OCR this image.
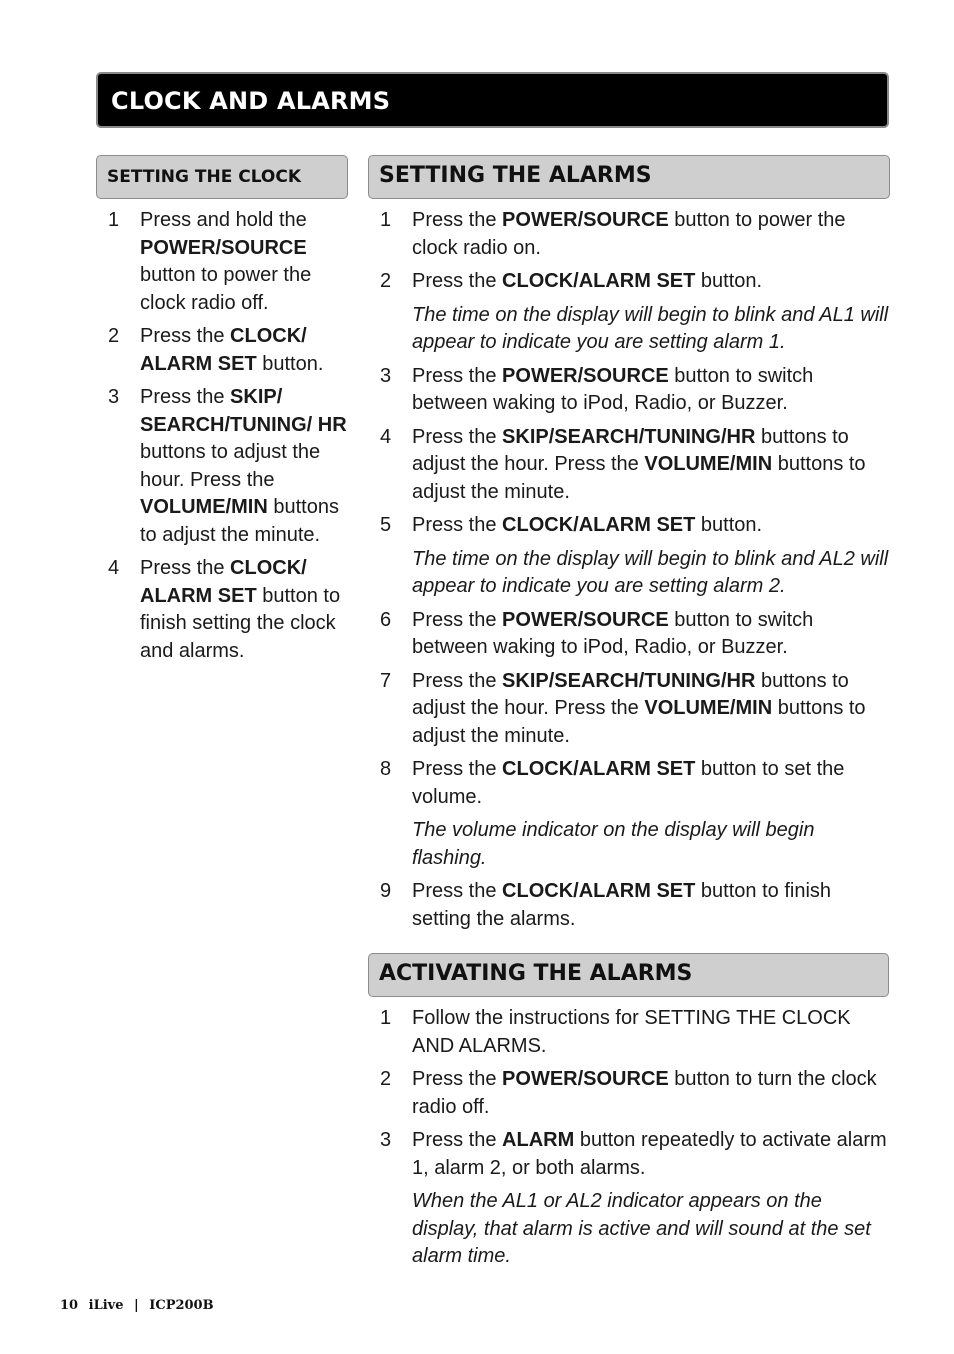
CLOCK AND ALARMS
SETTING THE CLOCK
1	Press and hold the POWER/SOURCE button to power the clock radio off.
2	Press the CLOCK/ ALARM SET button.
3	Press the SKIP/ SEARCH/TUNING/ HR buttons to adjust the hour. Press the VOLUME/MIN buttons to adjust the minute.
4	Press the CLOCK/ ALARM SET button to finish setting the clock and alarms.
SETTING THE ALARMS
1	Press the POWER/SOURCE button to power the clock radio on.
2	Press the CLOCK/ALARM SET button.
The time on the display will begin to blink and AL1 will appear to indicate you are setting alarm 1.
3	Press the POWER/SOURCE button to switch between waking to iPod, Radio, or Buzzer.
4	Press the SKIP/SEARCH/TUNING/HR buttons to adjust the hour. Press the VOLUME/MIN buttons to adjust the minute.
5	Press the CLOCK/ALARM SET button.
The time on the display will begin to blink and AL2 will appear to indicate you are setting alarm 2.
6	Press the POWER/SOURCE button to switch between waking to iPod, Radio, or Buzzer.
7	Press the SKIP/SEARCH/TUNING/HR buttons to adjust the hour. Press the VOLUME/MIN buttons to adjust the minute.
8	Press the CLOCK/ALARM SET button to set the volume.
The volume indicator on the display will begin flashing.
9	Press the CLOCK/ALARM SET button to finish setting the alarms.
ACTIVATING THE ALARMS
1	Follow the instructions for SETTING THE CLOCK AND ALARMS.
2	Press the POWER/SOURCE button to turn the clock radio off.
3	Press the ALARM button repeatedly to activate alarm 1, alarm 2, or both alarms.
When the AL1 or AL2 indicator appears on the display, that alarm is active and will sound at the set alarm time.
10 iLive | ICP200B
